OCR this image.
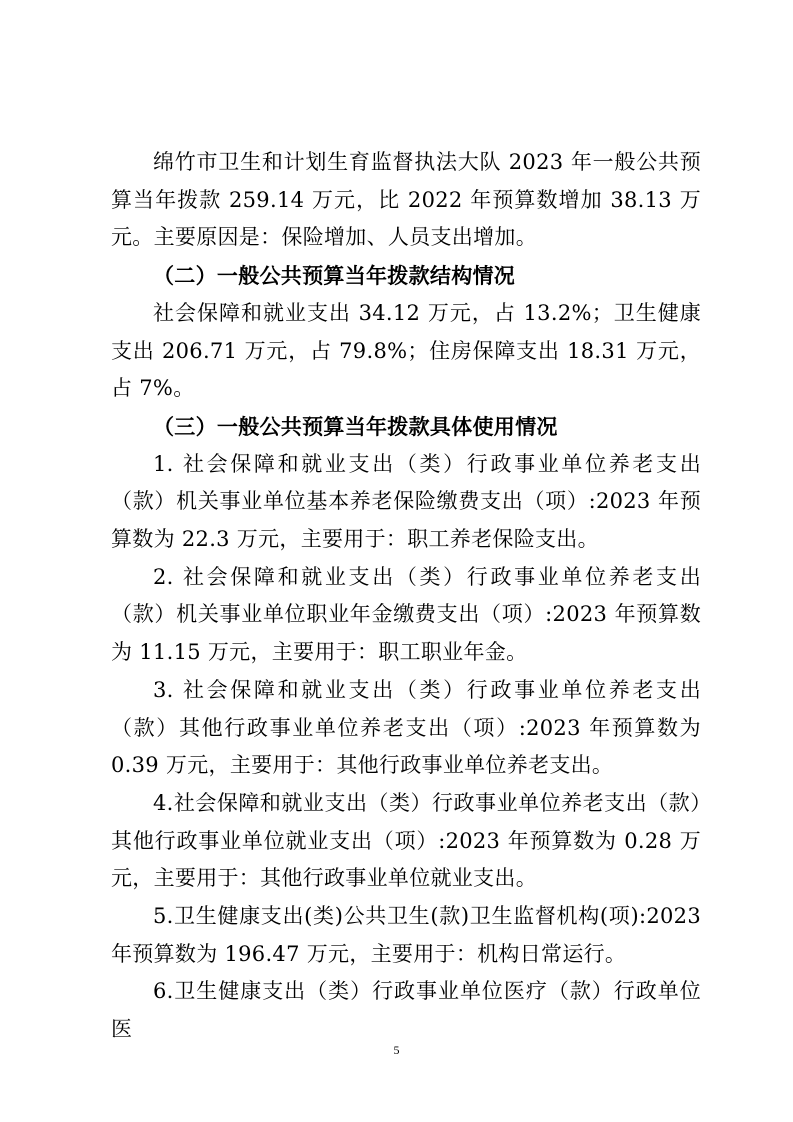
绵竹市卫生和计划生育监督执法大队 2023 年一般公共预算当年拨款 259.14 万元，比 2022 年预算数增加 38.13 万元。主要原因是：保险增加、人员支出增加。

（二）一般公共预算当年拨款结构情况

社会保障和就业支出 34.12 万元，占 13.2%；卫生健康支出 206.71 万元，占 79.8%；住房保障支出 18.31 万元，占 7%。

（三）一般公共预算当年拨款具体使用情况

1. 社会保障和就业支出（类）行政事业单位养老支出（款）机关事业单位基本养老保险缴费支出（项）:2023 年预算数为 22.3 万元，主要用于：职工养老保险支出。

2. 社会保障和就业支出（类）行政事业单位养老支出（款）机关事业单位职业年金缴费支出（项）:2023 年预算数为 11.15 万元，主要用于：职工职业年金。

3. 社会保障和就业支出（类）行政事业单位养老支出（款）其他行政事业单位养老支出（项）:2023 年预算数为 0.39 万元，主要用于：其他行政事业单位养老支出。

4.社会保障和就业支出（类）行政事业单位养老支出（款）其他行政事业单位就业支出（项）:2023 年预算数为 0.28 万元，主要用于：其他行政事业单位就业支出。

5.卫生健康支出(类)公共卫生(款)卫生监督机构(项):2023 年预算数为 196.47 万元，主要用于：机构日常运行。

6.卫生健康支出（类）行政事业单位医疗（款）行政单位医

5
